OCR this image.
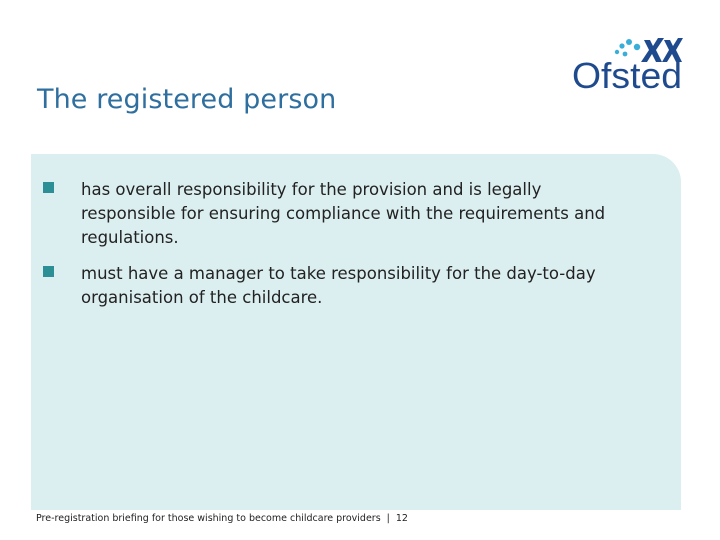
The registered person
Ofsted
has overall responsibility for the provision and is legally responsible for ensuring compliance with the requirements and regulations.
must have a manager to take responsibility for the day-to-day organisation of the childcare.
Pre-registration briefing for those wishing to become childcare providers | 12
